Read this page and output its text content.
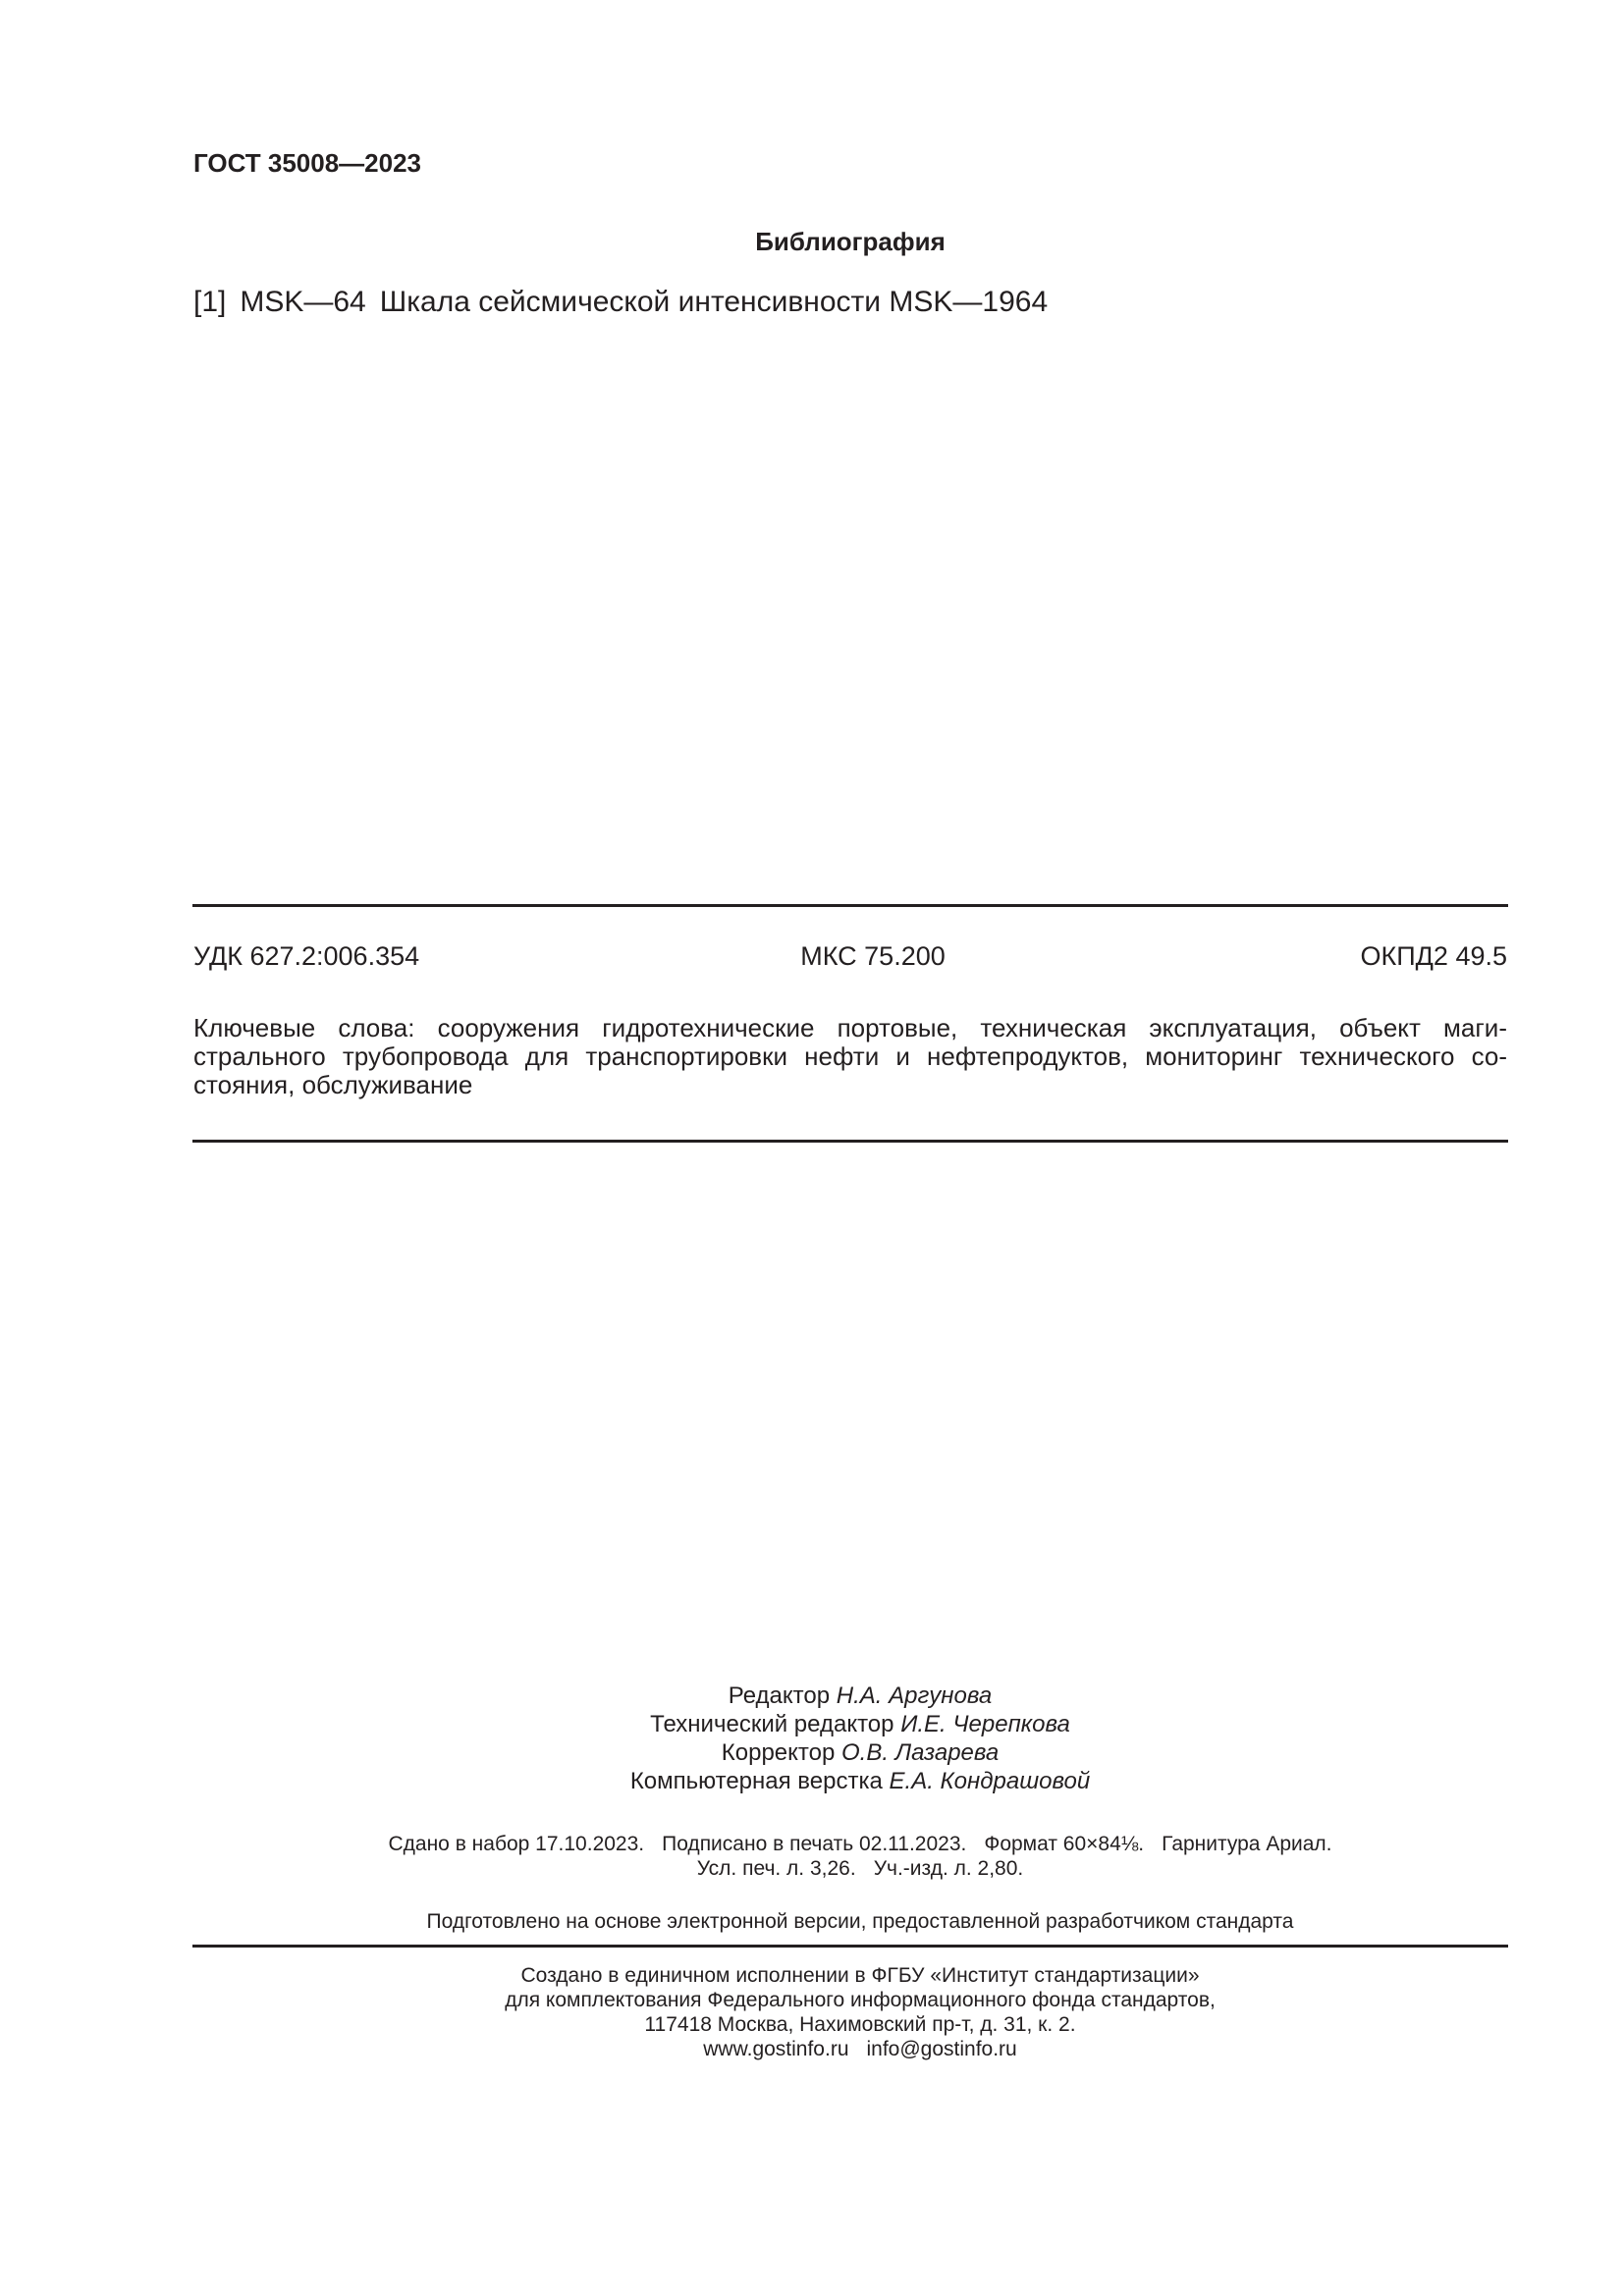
ГОСТ 35008—2023
Библиография
[1] MSK—64 Шкала сейсмической интенсивности MSK—1964
УДК 627.2:006.354	МКС 75.200	ОКПД2 49.5
Ключевые слова: сооружения гидротехнические портовые, техническая эксплуатация, объект маги-
стрального трубопровода для транспортировки нефти и нефтепродуктов, мониторинг технического со-
стояния, обслуживание
Редактор Н.А. Аргунова
Технический редактор И.Е. Черепкова
Корректор О.В. Лазарева
Компьютерная верстка Е.А. Кондрашовой
Сдано в набор 17.10.2023. Подписано в печать 02.11.2023. Формат 60×84⅛. Гарнитура Ариал.
Усл. печ. л. 3,26. Уч.-изд. л. 2,80.
Подготовлено на основе электронной версии, предоставленной разработчиком стандарта
Создано в единичном исполнении в ФГБУ «Институт стандартизации»
для комплектования Федерального информационного фонда стандартов,
117418 Москва, Нахимовский пр-т, д. 31, к. 2.
www.gostinfo.ru info@gostinfo.ru
